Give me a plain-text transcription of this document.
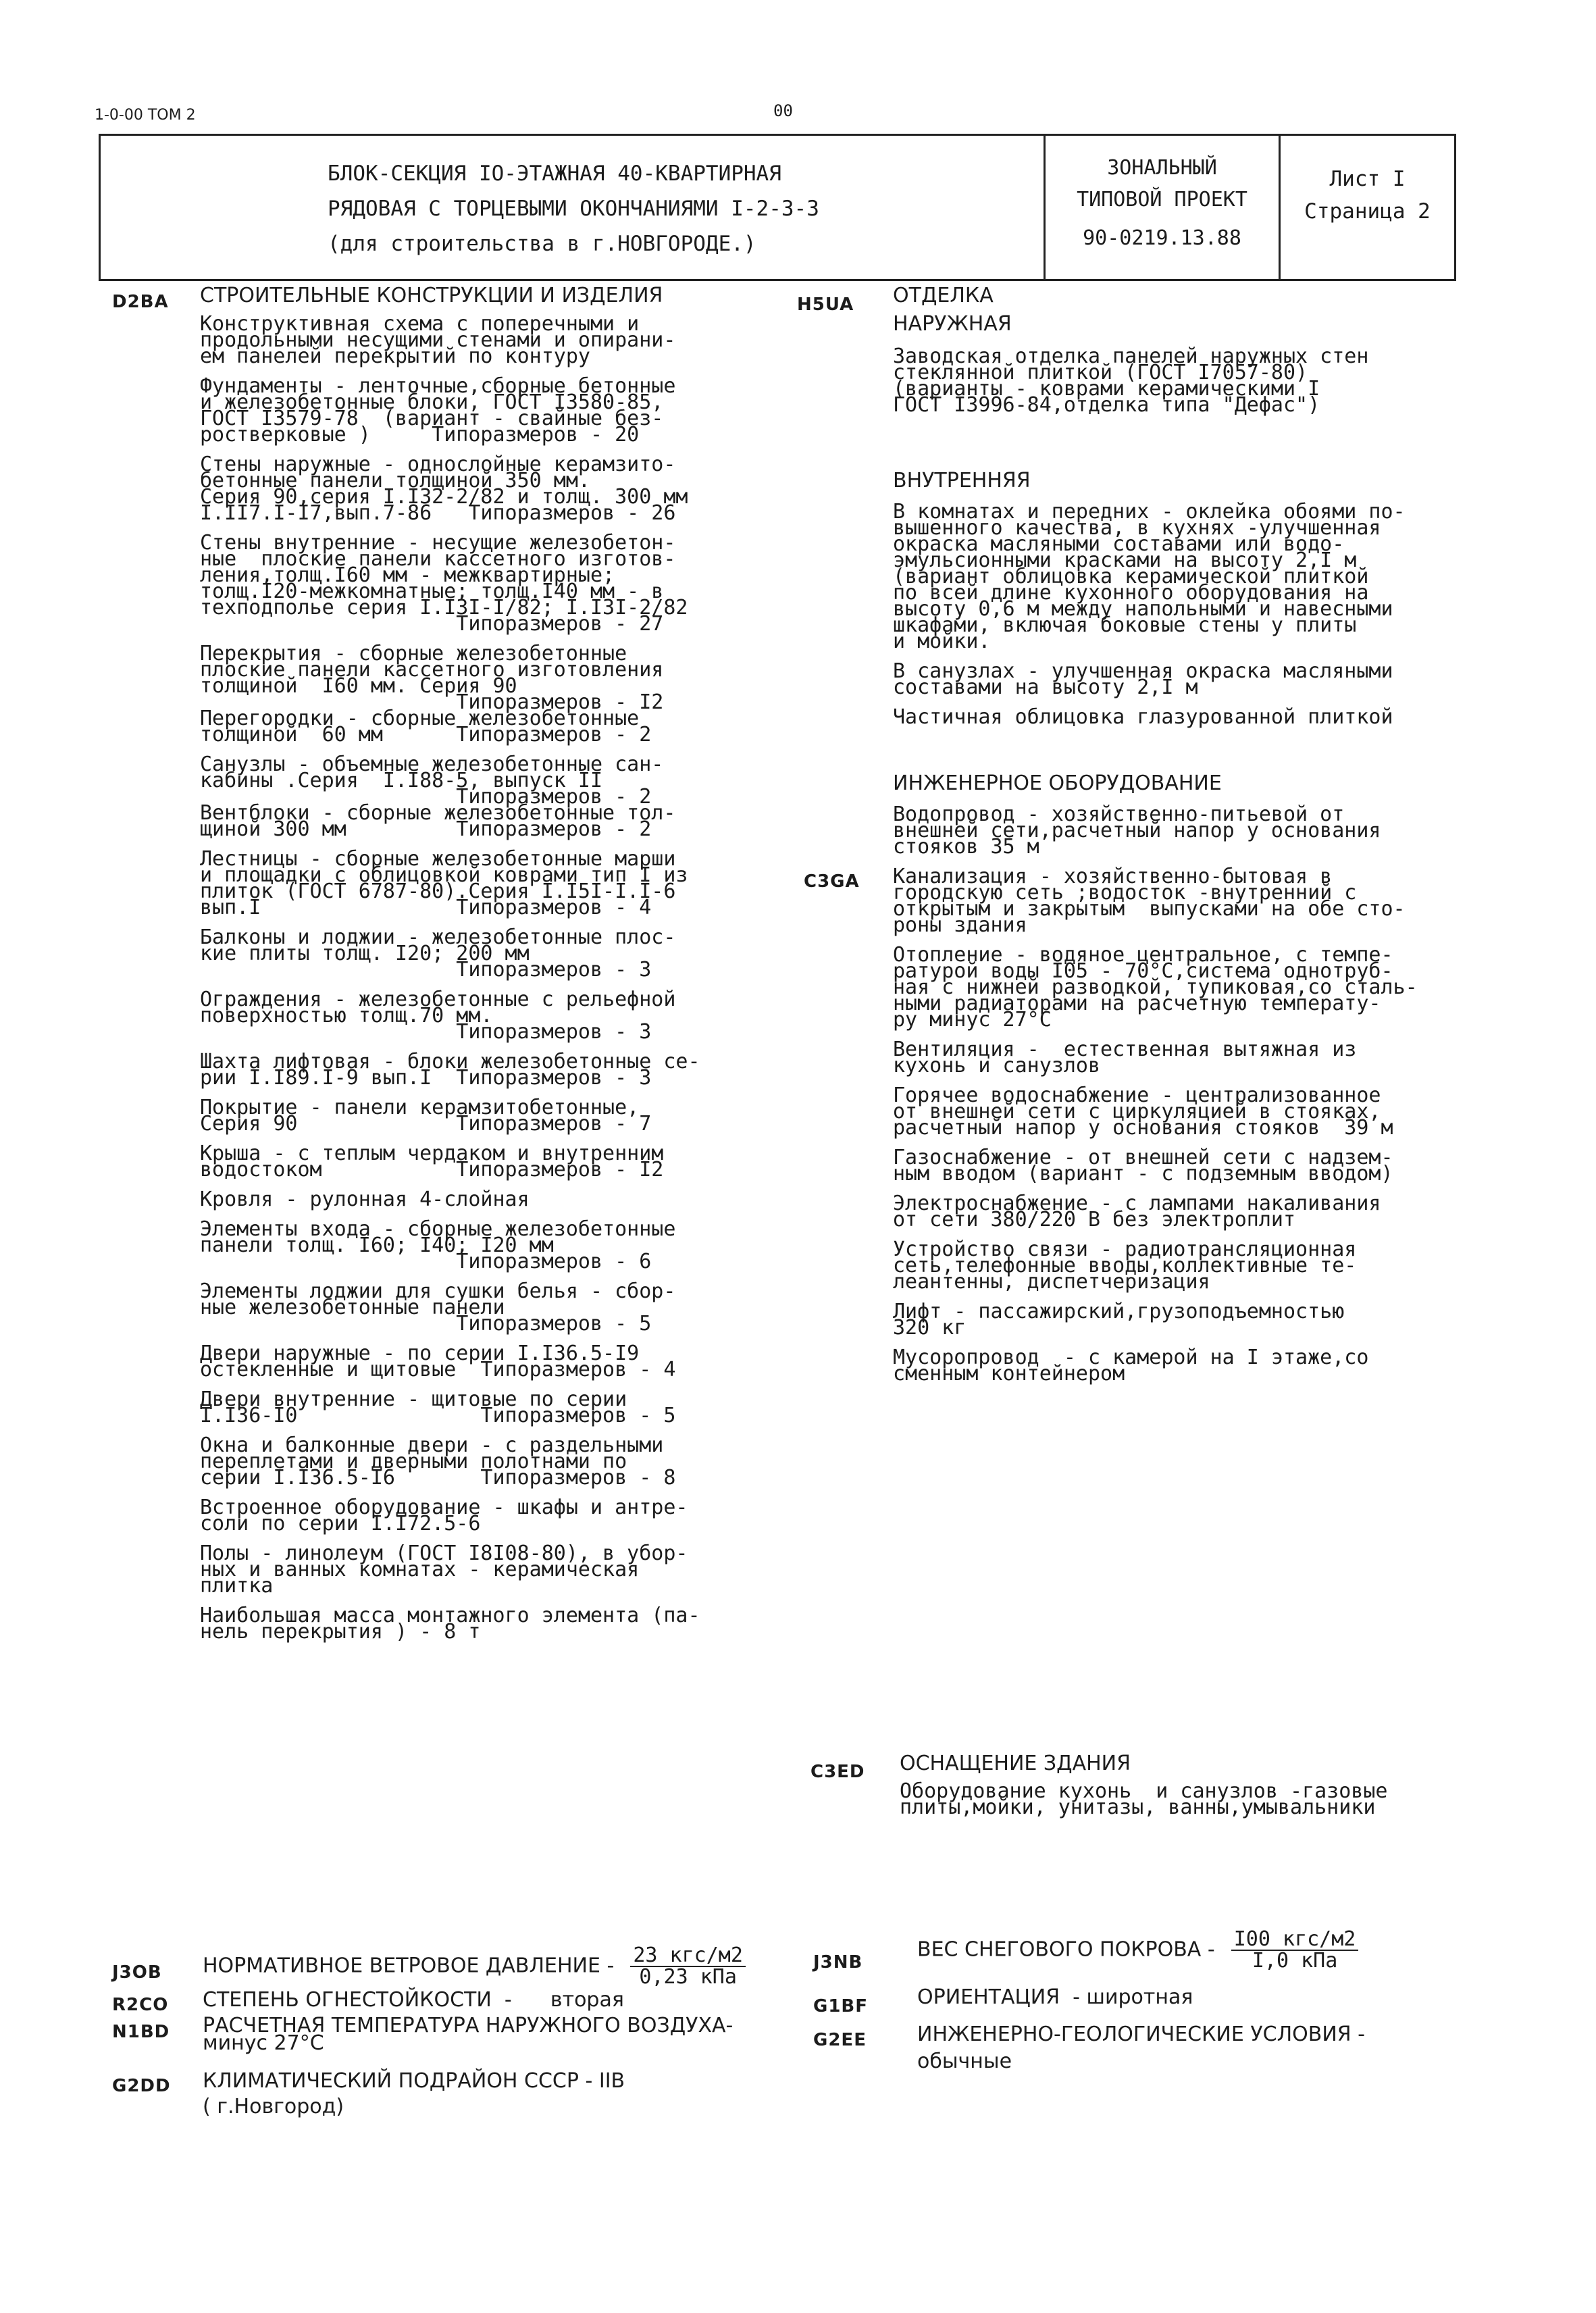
1-0-00 ТОМ 2	00
БЛОК-СЕКЦИЯ IO-ЭТАЖНАЯ 40-КВАРТИРНАЯ
РЯДОВАЯ С ТОРЦЕВЫМИ ОКОНЧАНИЯМИ I-2-3-3
(для строительства в г.НОВГОРОДЕ.)
ЗОНАЛЬНЫЙ
ТИПОВОЙ ПРОЕКТ
90-0219.13.88
Лист I
Страница 2
D2BA СТРОИТЕЛЬНЫЕ КОНСТРУКЦИИ И ИЗДЕЛИЯ
Конструктивная схема с поперечными и
продольными несущими стенами и опирани-
ем панелей перекрытий по контуру
Фундаменты - ленточные,сборные бетонные
и железобетонные блоки, ГОСТ I3580-85,
ГОСТ I3579-78  (вариант - свайные без-
ростверковые )     Типоразмеров - 20
Стены наружные - однослойные керамзито-
бетонные панели толщиной 350 мм.
Серия 90,серия I.I32-2/82 и толщ. 300 мм
I.II7.I-I7,вып.7-86   Типоразмеров - 26
Стены внутренние - несущие железобетон-
ные  плоские панели кассетного изготов-
ления,толщ.I60 мм - межквартирные;
толщ.I20-межкомнатные; толщ.I40 мм - в
техподполье серия I.I3I-I/82; I.I3I-2/82
Типоразмеров - 27
Перекрытия - сборные железобетонные
плоские панели кассетного изготовления
толщиной  I60 мм. Серия 90
Типоразмеров - I2
Перегородки - сборные железобетонные
толщиной  60 мм      Типоразмеров - 2
Санузлы - объемные железобетонные сан-
кабины .Серия  I.I88-5, выпуск II
Типоразмеров - 2
Вентблоки - сборные железобетонные тол-
щиной 300 мм         Типоразмеров - 2
Лестницы - сборные железобетонные марши
и площадки с облицовкой коврами тип I из
плиток (ГОСТ 6787-80).Серия I.I5I-I.I-6
вып.I                Типоразмеров - 4
Балконы и лоджии - железобетонные плос-
кие плиты толщ. I20; 200 мм
Типоразмеров - 3
Ограждения - железобетонные с рельефной
поверхностью толщ.70 мм.
Типоразмеров - 3
Шахта лифтовая - блоки железобетонные се-
рии I.I89.I-9 вып.I  Типоразмеров - 3
Покрытие - панели керамзитобетонные,
Серия 90             Типоразмеров - 7
Крыша - с теплым чердаком и внутренним
водостоком           Типоразмеров - I2
Кровля - рулонная 4-слойная
Элементы входа - сборные железобетонные
панели толщ. I60; I40; I20 мм
Типоразмеров - 6
Элементы лоджии для сушки белья - сбор-
ные железобетонные панели
Типоразмеров - 5
Двери наружные - по серии I.I36.5-I9
остекленные и щитовые  Типоразмеров - 4
Двери внутренние - щитовые по серии
I.I36-I0               Типоразмеров - 5
Окна и балконные двери - с раздельными
переплетами и дверными полотнами по
серии I.I36.5-I6       Типоразмеров - 8
Встроенное оборудование - шкафы и антре-
соли по серии I.I72.5-6
Полы - линолеум (ГОСТ I8I08-80), в убор-
ных и ванных комнатах - керамическая
плитка
Наибольшая масса монтажного элемента (па-
нель перекрытия ) - 8 т
J3OB НОРМАТИВНОЕ ВЕТРОВОЕ ДАВЛЕНИЕ - $\frac{\text{23 кгс/м2}}{\text{0,23 кПа}}$
R2CO СТЕПЕНЬ ОГНЕСТОЙКОСТИ  -      вторая
N1BD РАСЧЕТНАЯ ТЕМПЕРАТУРА НАРУЖНОГО ВОЗДУХА-
минус 27°С
G2DD КЛИМАТИЧЕСКИЙ ПОДРАЙОН СССР - IIВ
( г.Новгород)
H5UA ОТДЕЛКА
НАРУЖНАЯ
Заводская отделка панелей наружных стен
стеклянной плиткой (ГОСТ I7057-80)
(варианты - коврами керамическими I
ГОСТ I3996-84,отделка типа "Дефас")
ВНУТРЕННЯЯ
В комнатах и передних - оклейка обоями по-
вышенного качества, в кухнях -улучшенная
окраска масляными составами или водо-
эмульсионными красками на высоту 2,I м
(вариант облицовка керамической плиткой
по всей длине кухонного оборудования на
высоту 0,6 м между напольными и навесными
шкафами, включая боковые стены у плиты
и мойки.
В санузлах - улучшенная окраска масляными
составами на высоту 2,I м
Частичная облицовка глазурованной плиткой
ИНЖЕНЕРНОЕ ОБОРУДОВАНИЕ
Водопровод - хозяйственно-питьевой от
внешней сети,расчетный напор у основания
стояков 35 м
Канализация - хозяйственно-бытовая в
городскую сеть ;водосток -внутренний с
открытым и закрытым  выпусками на обе сто-
роны здания
Отопление - водяное центральное, с темпе-
ратурой воды I05 - 70°С,система однотруб-
ная с нижней разводкой, тупиковая,со сталь-
ными радиаторами на расчетную температу-
ру минус 27°С
Вентиляция -  естественная вытяжная из
кухонь и санузлов
Горячее водоснабжение - централизованное
от внешней сети с циркуляцией в стояках,
расчетный напор у основания стояков  39 м
Газоснабжение - от внешней сети с надзем-
ным вводом (вариант - с подземным вводом)
Электроснабжение - с лампами накаливания
от сети 380/220 В без электроплит
Устройство связи - радиотрансляционная
сеть,телефонные вводы,коллективные те-
леантенны, диспетчеризация
Лифт - пассажирский,грузоподъемностью
320 кг
Мусоропровод  - с камерой на I этаже,со
сменным контейнером
C3GA
C3ED ОСНАЩЕНИЕ ЗДАНИЯ
Оборудование кухонь  и санузлов -газовые
плиты,мойки, унитазы, ванны,умывальники
J3NB
ВЕС СНЕГОВОГО ПОКРОВА - $\frac{\text{I00 кгс/м2}}{\text{I,0 кПа}}$
G1BF ОРИЕНТАЦИЯ  - широтная
G2EE	ИНЖЕНЕРНО-ГЕОЛОГИЧЕСКИЕ УСЛОВИЯ -
обычные
